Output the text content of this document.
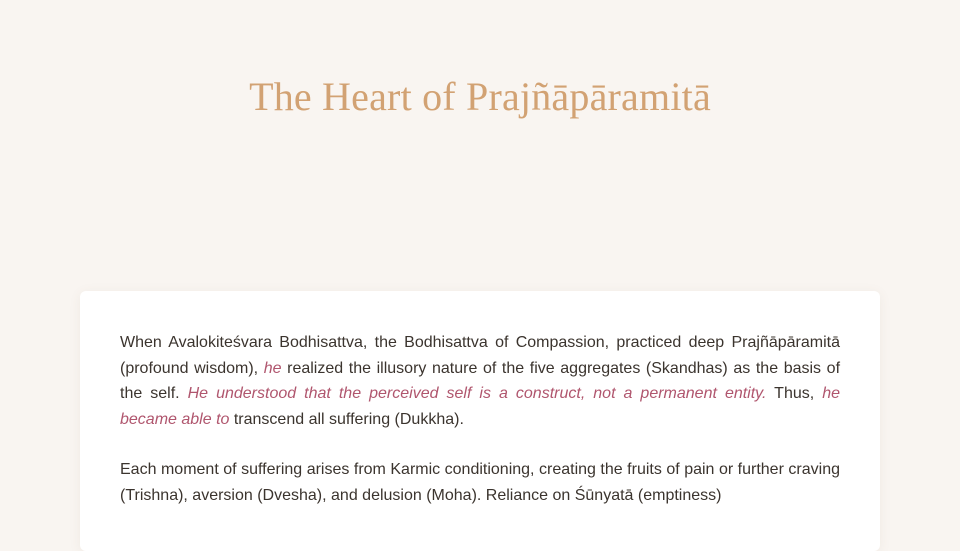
The Heart of Prajñāpāramitā

When Avalokiteśvara Bodhisattva, the Bodhisattva of Compassion, practiced deep Prajñāpāramitā (profound wisdom), he realized the illusory nature of the five aggregates (Skandhas) as the basis of the self. He understood that the perceived self is a construct, not a permanent entity. Thus, he became able to transcend all suffering (Dukkha).

Each moment of suffering arises from Karmic conditioning, creating the fruits of pain or further craving (Trishna), aversion (Dvesha), and delusion (Moha). Reliance on Śūnyatā (emptiness)
